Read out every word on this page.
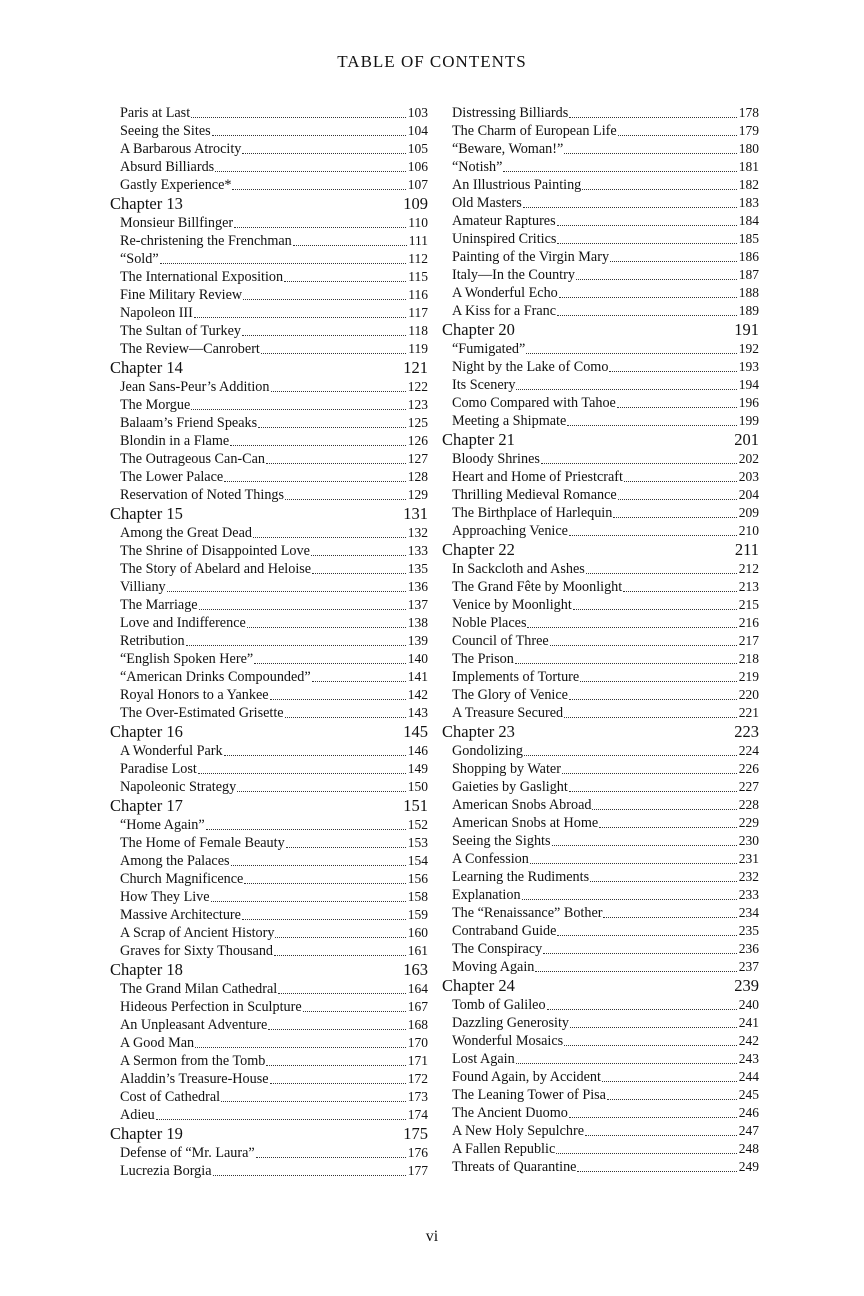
TABLE OF CONTENTS
Paris at Last	103
Seeing the Sites	104
A Barbarous Atrocity	105
Absurd Billiards	106
Gastly Experience*	107
Chapter 13	109
Monsieur Billfinger	110
Re-christening the Frenchman	111
“Sold”	112
The International Exposition	115
Fine Military Review	116
Napoleon III	117
The Sultan of Turkey	118
The Review—Canrobert	119
Chapter 14	121
Jean Sans-Peur’s Addition	122
The Morgue	123
Balaam’s Friend Speaks	125
Blondin in a Flame	126
The Outrageous Can-Can	127
The Lower Palace	128
Reservation of Noted Things	129
Chapter 15	131
Among the Great Dead	132
The Shrine of Disappointed Love	133
The Story of Abelard and Heloise	135
Villiany	136
The Marriage	137
Love and Indifference	138
Retribution	139
“English Spoken Here”	140
“American Drinks Compounded”	141
Royal Honors to a Yankee	142
The Over-Estimated Grisette	143
Chapter 16	145
A Wonderful Park	146
Paradise Lost	149
Napoleonic Strategy	150
Chapter 17	151
“Home Again”	152
The Home of Female Beauty	153
Among the Palaces	154
Church Magnificence	156
How They Live	158
Massive Architecture	159
A Scrap of Ancient History	160
Graves for Sixty Thousand	161
Chapter 18	163
The Grand Milan Cathedral	164
Hideous Perfection in Sculpture	167
An Unpleasant Adventure	168
A Good Man	170
A Sermon from the Tomb	171
Aladdin’s Treasure-House	172
Cost of Cathedral	173
Adieu	174
Chapter 19	175
Defense of “Mr. Laura”	176
Lucrezia Borgia	177
Distressing Billiards	178
The Charm of European Life	179
“Beware, Woman!”	180
“Notish”	181
An Illustrious Painting	182
Old Masters	183
Amateur Raptures	184
Uninspired Critics	185
Painting of the Virgin Mary	186
Italy—In the Country	187
A Wonderful Echo	188
A Kiss for a Franc	189
Chapter 20	191
“Fumigated”	192
Night by the Lake of Como	193
Its Scenery	194
Como Compared with Tahoe	196
Meeting a Shipmate	199
Chapter 21	201
Bloody Shrines	202
Heart and Home of Priestcraft	203
Thrilling Medieval Romance	204
The Birthplace of Harlequin	209
Approaching Venice	210
Chapter 22	211
In Sackcloth and Ashes	212
The Grand Fête by Moonlight	213
Venice by Moonlight	215
Noble Places	216
Council of Three	217
The Prison	218
Implements of Torture	219
The Glory of Venice	220
A Treasure Secured	221
Chapter 23	223
Gondolizing	224
Shopping by Water	226
Gaieties by Gaslight	227
American Snobs Abroad	228
American Snobs at Home	229
Seeing the Sights	230
A Confession	231
Learning the Rudiments	232
Explanation	233
The “Renaissance” Bother	234
Contraband Guide	235
The Conspiracy	236
Moving Again	237
Chapter 24	239
Tomb of Galileo	240
Dazzling Generosity	241
Wonderful Mosaics	242
Lost Again	243
Found Again, by Accident	244
The Leaning Tower of Pisa	245
The Ancient Duomo	246
A New Holy Sepulchre	247
A Fallen Republic	248
Threats of Quarantine	249
vi
